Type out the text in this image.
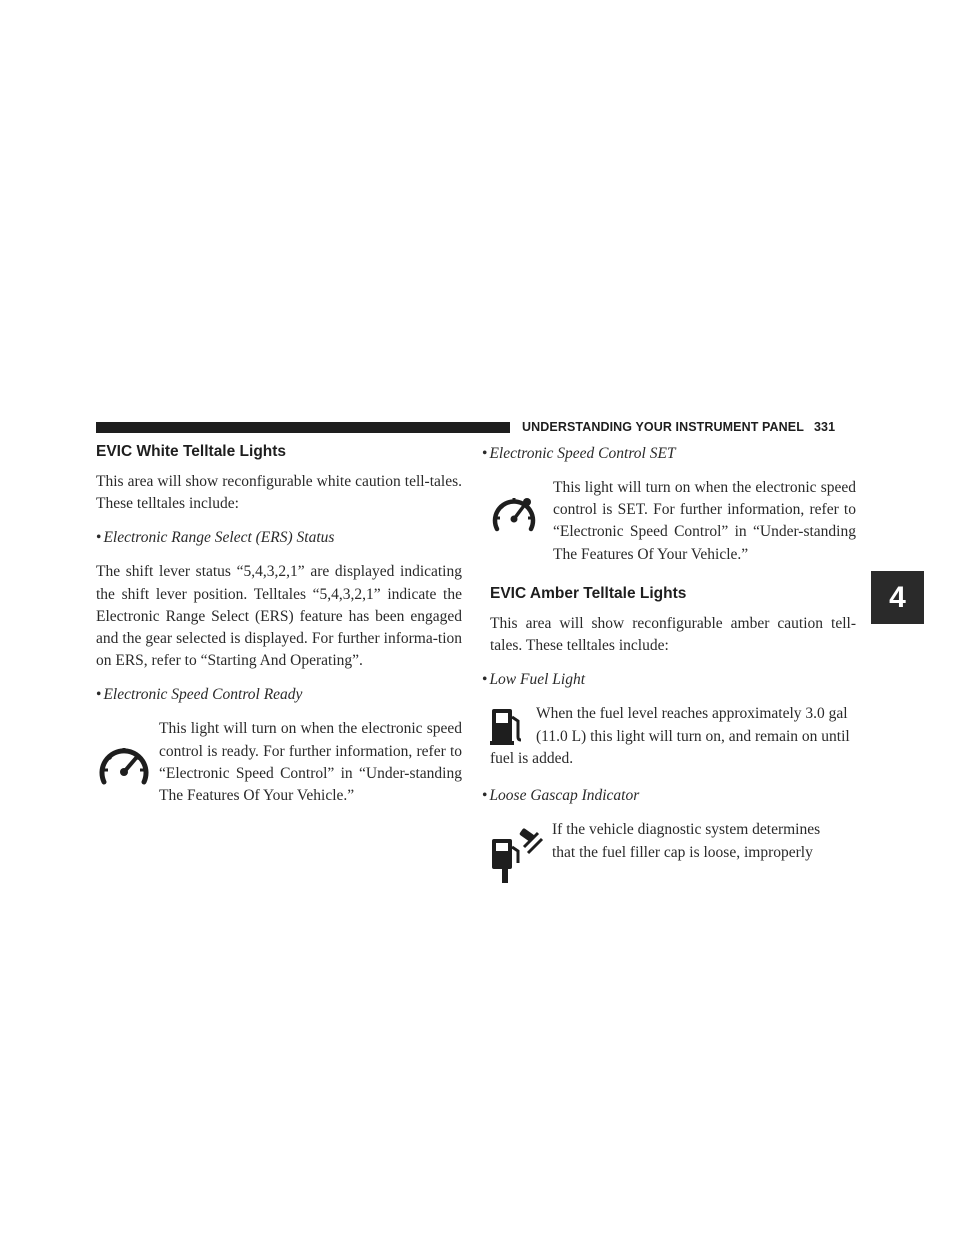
UNDERSTANDING YOUR INSTRUMENT PANEL 331
4
EVIC White Telltale Lights

This area will show reconfigurable white caution tell-tales. These telltales include:

• Electronic Range Select (ERS) Status

The shift lever status “5,4,3,2,1” are displayed indicating the shift lever position. Telltales “5,4,3,2,1” indicate the Electronic Range Select (ERS) feature has been engaged and the gear selected is displayed. For further informa-tion on ERS, refer to “Starting And Operating”.

• Electronic Speed Control Ready
This light will turn on when the electronic speed control is ready. For further information, refer to “Electronic Speed Control” in “Under-standing The Features Of Your Vehicle.”
• Electronic Speed Control SET
This light will turn on when the electronic speed control is SET. For further information, refer to “Electronic Speed Control” in “Under-standing The Features Of Your Vehicle.”
EVIC Amber Telltale Lights

This area will show reconfigurable amber caution tell-tales. These telltales include:

• Low Fuel Light
When the fuel level reaches approximately 3.0 gal
(11.0 L) this light will turn on, and remain on until
fuel is added.
• Loose Gascap Indicator
If the vehicle diagnostic system determines
that the fuel filler cap is loose, improperly
